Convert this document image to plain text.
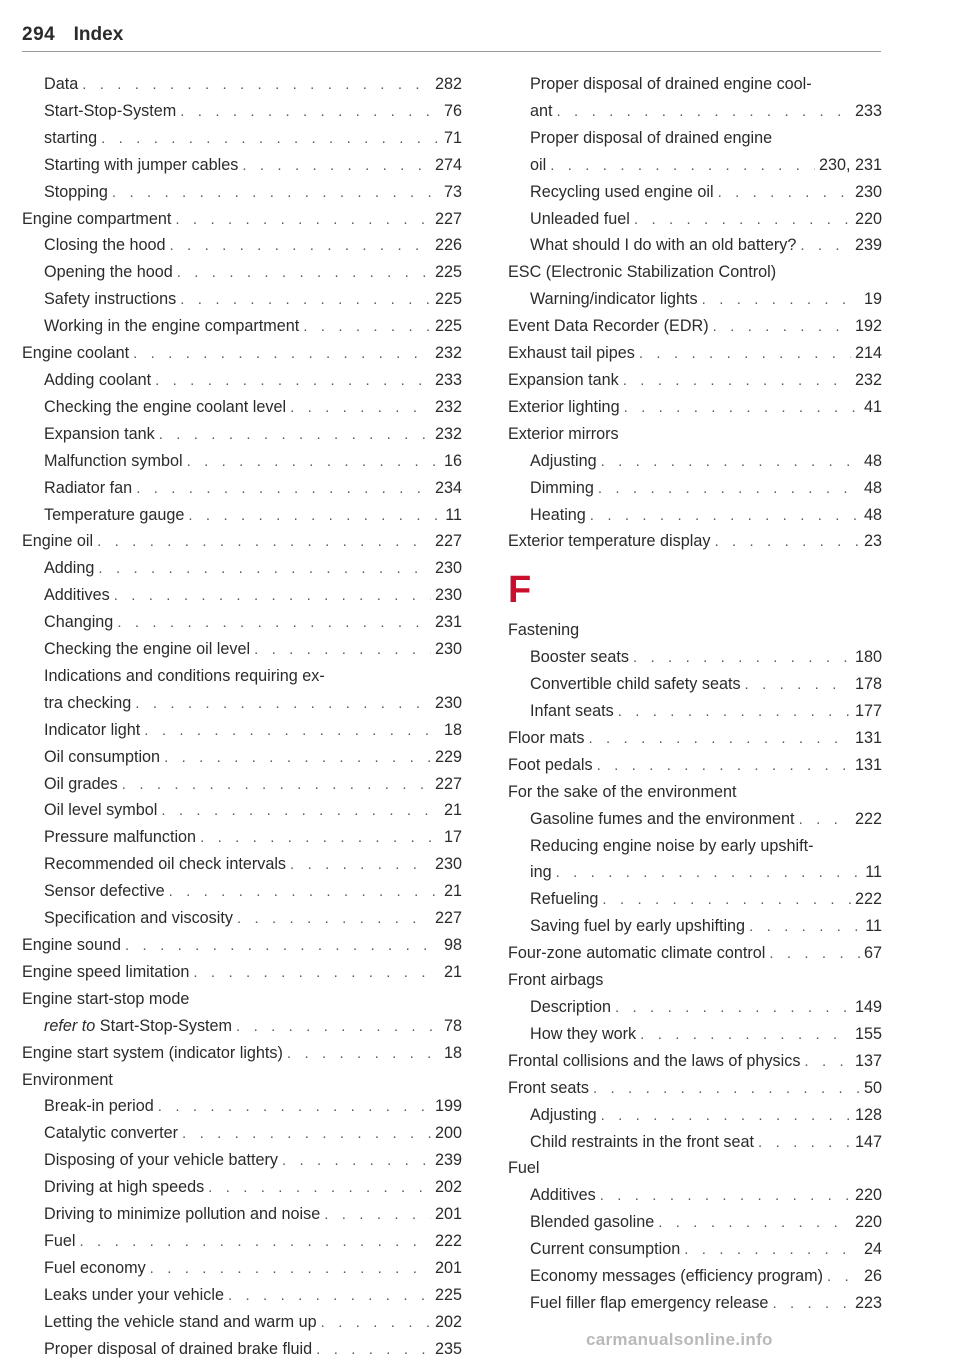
294 Index
Data . . .	282
Start-Stop-System . . .	76
starting . . .	71
Starting with jumper cables . . .	274
Stopping . . .	73
Engine compartment . . .	227
Closing the hood . . .	226
Opening the hood . . .	225
Safety instructions . . .	225
Working in the engine compartment . . .	225
Engine coolant . . .	232
Adding coolant . . .	233
Checking the engine coolant level . . .	232
Expansion tank . . .	232
Malfunction symbol . . .	16
Radiator fan . . .	234
Temperature gauge . . .	11
Engine oil . . .	227
Adding . . .	230
Additives . . .	230
Changing . . .	231
Checking the engine oil level . . .	230
Indications and conditions requiring ex-
tra checking . . .	230
Indicator light . . .	18
Oil consumption . . .	229
Oil grades . . .	227
Oil level symbol . . .	21
Pressure malfunction . . .	17
Recommended oil check intervals . . .	230
Sensor defective . . .	21
Specification and viscosity . . .	227
Engine sound . . .	98
Engine speed limitation . . .	21
Engine start-stop mode
refer to Start-Stop-System . . .	78
Engine start system (indicator lights) . . .	18
Environment
Break-in period . . .	199
Catalytic converter . . .	200
Disposing of your vehicle battery . . .	239
Driving at high speeds . . .	202
Driving to minimize pollution and noise . . .	201
Fuel . . .	222
Fuel economy . . .	201
Leaks under your vehicle . . .	225
Letting the vehicle stand and warm up . . .	202
Proper disposal of drained brake fluid . . .	235
Proper disposal of drained engine cool-
ant . . .	233
Proper disposal of drained engine
oil . . .	230, 231
Recycling used engine oil . . .	230
Unleaded fuel . . .	220
What should I do with an old battery? . . .	239
ESC (Electronic Stabilization Control)
Warning/indicator lights . . .	19
Event Data Recorder (EDR) . . .	192
Exhaust tail pipes . . .	214
Expansion tank . . .	232
Exterior lighting . . .	41
Exterior mirrors
Adjusting . . .	48
Dimming . . .	48
Heating . . .	48
Exterior temperature display . . .	23
F
Fastening
Booster seats . . .	180
Convertible child safety seats . . .	178
Infant seats . . .	177
Floor mats . . .	131
Foot pedals . . .	131
For the sake of the environment
Gasoline fumes and the environment . . .	222
Reducing engine noise by early upshift-
ing . . .	11
Refueling . . .	222
Saving fuel by early upshifting . . .	11
Four-zone automatic climate control . . .	67
Front airbags
Description . . .	149
How they work . . .	155
Frontal collisions and the laws of physics . . .	137
Front seats . . .	50
Adjusting . . .	128
Child restraints in the front seat . . .	147
Fuel
Additives . . .	220
Blended gasoline . . .	220
Current consumption . . .	24
Economy messages (efficiency program) . . .	26
Fuel filler flap emergency release . . .	223
carmanualsonline.info
